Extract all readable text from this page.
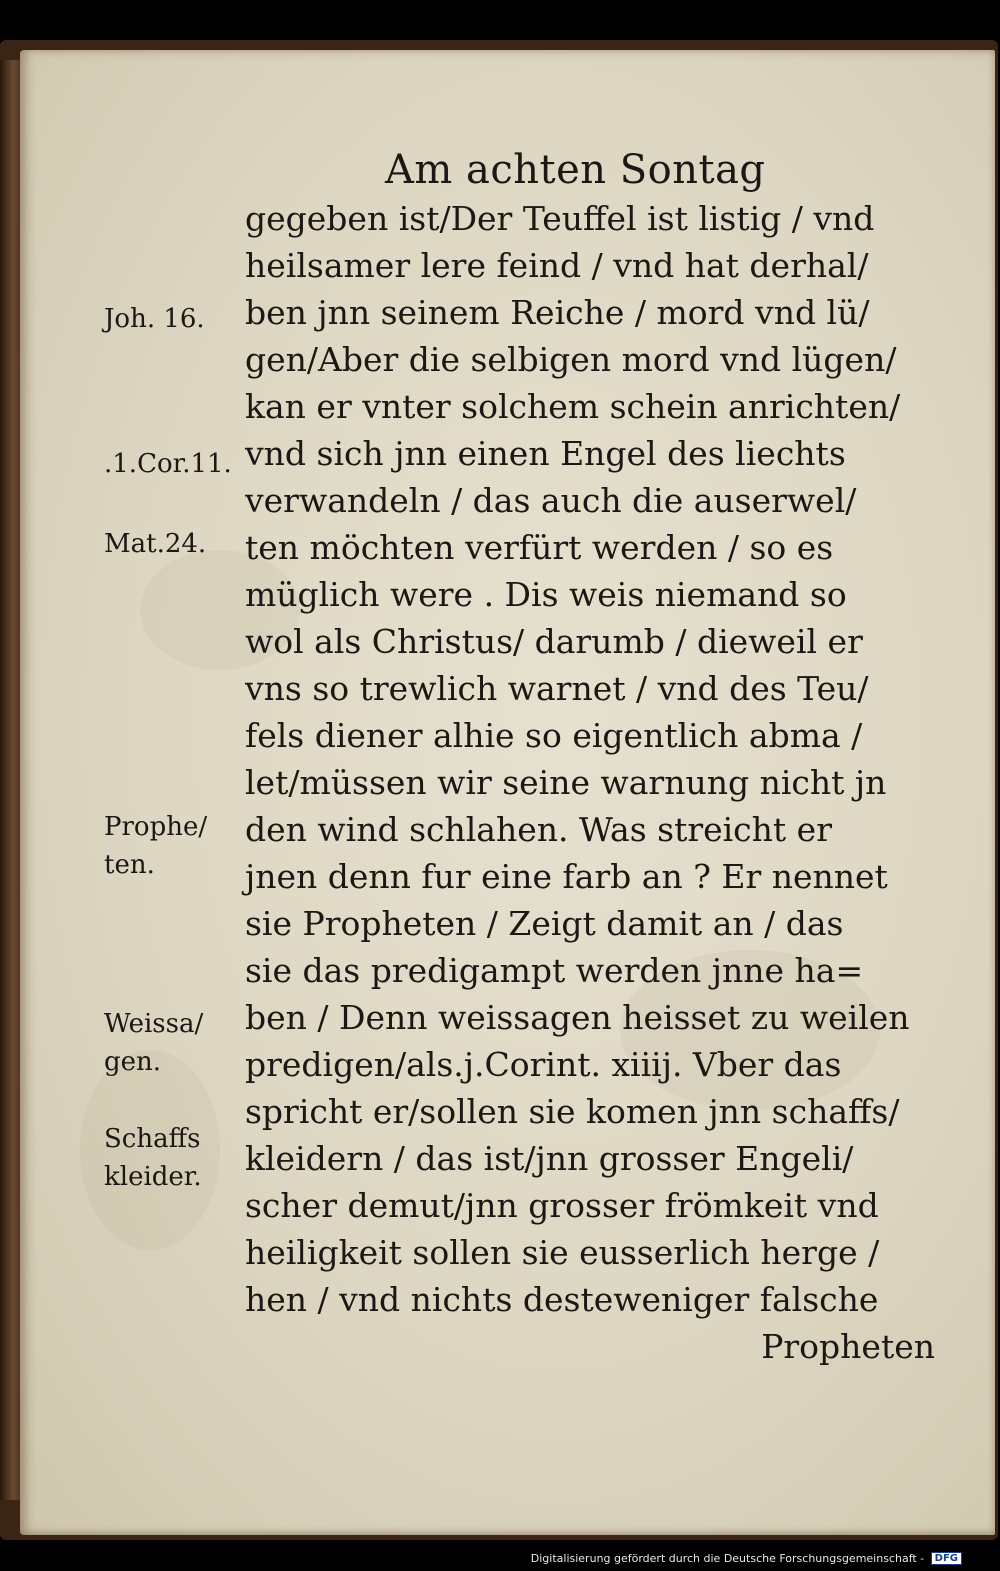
Am achten Sontag
gegeben ist/Der Teuffel ist listig / vnd
heilsamer lere feind / vnd hat derhal/
ben jnn seinem Reiche / mord vnd lü/
gen/Aber die selbigen mord vnd lügen/
kan er vnter solchem schein anrichten/
vnd sich jnn einen Engel des liechts
verwandeln / das auch die auserwel/
ten möchten verfürt werden / so es
müglich were . Dis weis niemand so
wol als Christus/ darumb / dieweil er
vns so trewlich warnet / vnd des Teu/
fels diener alhie so eigentlich abma /
let/müssen wir seine warnung nicht jn
den wind schlahen. Was streicht er
jnen denn fur eine farb an ? Er nennet
sie Propheten / Zeigt damit an / das
sie das predigampt werden jnne ha=
ben / Denn weissagen heisset zu weilen
predigen/als.j.Corint. xiiij. Vber das
spricht er/sollen sie komen jnn schaffs/
kleidern / das ist/jnn grosser Engeli/
scher demut/jnn grosser frömkeit vnd
heiligkeit sollen sie eusserlich herge /
hen / vnd nichts desteweniger falsche
Propheten
Joh. 16.
.1.Cor.11.
Mat.24.
Prophe/
ten.
Weissa/
gen.
Schaffs
kleider.
Digitalisierung gefördert durch die Deutsche Forschungsgemeinschaft - DFG
